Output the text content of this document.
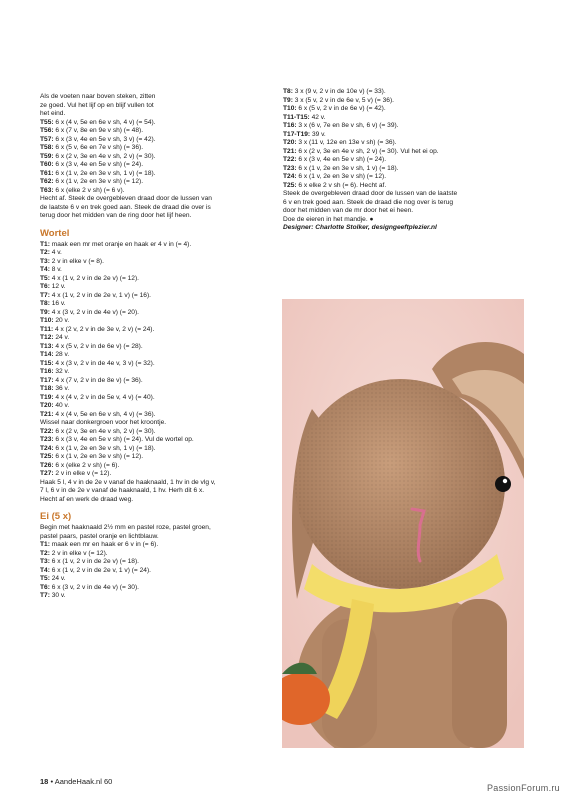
Als de voeten naar boven steken, zitten
ze goed. Vul het lijf op en blijf vullen tot
het eind.
T55: 6 x (4 v, 5e en 6e v sh, 4 v) (= 54).
T56: 6 x (7 v, 8e en 9e v sh) (= 48).
T57: 6 x (3 v, 4e en 5e v sh, 3 v) (= 42).
T58: 6 x (5 v, 6e en 7e v sh) (= 36).
T59: 6 x (2 v, 3e en 4e v sh, 2 v) (= 30).
T60: 6 x (3 v, 4e en 5e v sh) (= 24).
T61: 6 x (1 v, 2e en 3e v sh, 1 v) (= 18).
T62: 6 x (1 v, 2e en 3e v sh) (= 12).
T63: 6 x (elke 2 v sh) (= 6 v).
Hecht af. Steek de overgebleven draad door de lussen van
de laatste 6 v en trek goed aan. Steek de draad die over is
terug door het midden van de ring door het lijf heen.
Wortel
T1: maak een mr met oranje en haak er 4 v in (= 4).
T2: 4 v.
T3: 2 v in elke v (= 8).
T4: 8 v.
T5: 4 x (1 v, 2 v in de 2e v) (= 12).
T6: 12 v.
T7: 4 x (1 v, 2 v in de 2e v, 1 v) (= 16).
T8: 16 v.
T9: 4 x (3 v, 2 v in de 4e v) (= 20).
T10: 20 v.
T11: 4 x (2 v, 2 v in de 3e v, 2 v) (= 24).
T12: 24 v.
T13: 4 x (5 v, 2 v in de 6e v) (= 28).
T14: 28 v.
T15: 4 x (3 v, 2 v in de 4e v, 3 v) (= 32).
T16: 32 v.
T17: 4 x (7 v, 2 v in de 8e v) (= 36).
T18: 36 v.
T19: 4 x (4 v, 2 v in de 5e v, 4 v) (= 40).
T20: 40 v.
T21: 4 x (4 v, 5e en 6e v sh, 4 v) (= 36).
Wissel naar donkergroen voor het kroontje.
T22: 6 x (2 v, 3e en 4e v sh, 2 v) (= 30).
T23: 6 x (3 v, 4e en 5e v sh) (= 24). Vul de wortel op.
T24: 6 x (1 v, 2e en 3e v sh, 1 v) (= 18).
T25: 6 x (1 v, 2e en 3e v sh) (= 12).
T26: 6 x (elke 2 v sh) (= 6).
T27: 2 v in elke v (= 12).
Haak 5 l, 4 v in de 2e v vanaf de haaknaald, 1 hv in de vlg v,
7 l, 6 v in de 2e v vanaf de haaknaald, 1 hv. Herh dit 6 x.
Hecht af en werk de draad weg.
Ei (5 x)
Begin met haaknaald 2½ mm en pastel roze, pastel groen,
pastel paars, pastel oranje en lichtblauw.
T1: maak een mr en haak er 6 v in (= 6).
T2: 2 v in elke v (= 12).
T3: 6 x (1 v, 2 v in de 2e v) (= 18).
T4: 6 x (1 v, 2 v in de 2e v, 1 v) (= 24).
T5: 24 v.
T6: 6 x (3 v, 2 v in de 4e v) (= 30).
T7: 30 v.
T8: 3 x (9 v, 2 v in de 10e v) (= 33).
T9: 3 x (5 v, 2 v in de 6e v, 5 v) (= 36).
T10: 6 x (5 v, 2 v in de 6e v) (= 42).
T11-T15: 42 v.
T16: 3 x (6 v, 7e en 8e v sh, 6 v) (= 39).
T17-T19: 39 v.
T20: 3 x (11 v, 12e en 13e v sh) (= 36).
T21: 6 x (2 v, 3e en 4e v sh, 2 v) (= 30). Vul het ei op.
T22: 6 x (3 v, 4e en 5e v sh) (= 24).
T23: 6 x (1 v, 2e en 3e v sh, 1 v) (= 18).
T24: 6 x (1 v, 2e en 3e v sh) (= 12).
T25: 6 x elke 2 v sh (= 6). Hecht af.
Steek de overgebleven draad door de lussen van de laatste
6 v en trek goed aan. Steek de draad die nog over is terug
door het midden van de mr door het ei heen.
Doe de eieren in het mandje. ●
Designer: Charlotte Stolker, designgeeftplezier.nl
18 • AandeHaak.nl 60
PassionForum.ru
